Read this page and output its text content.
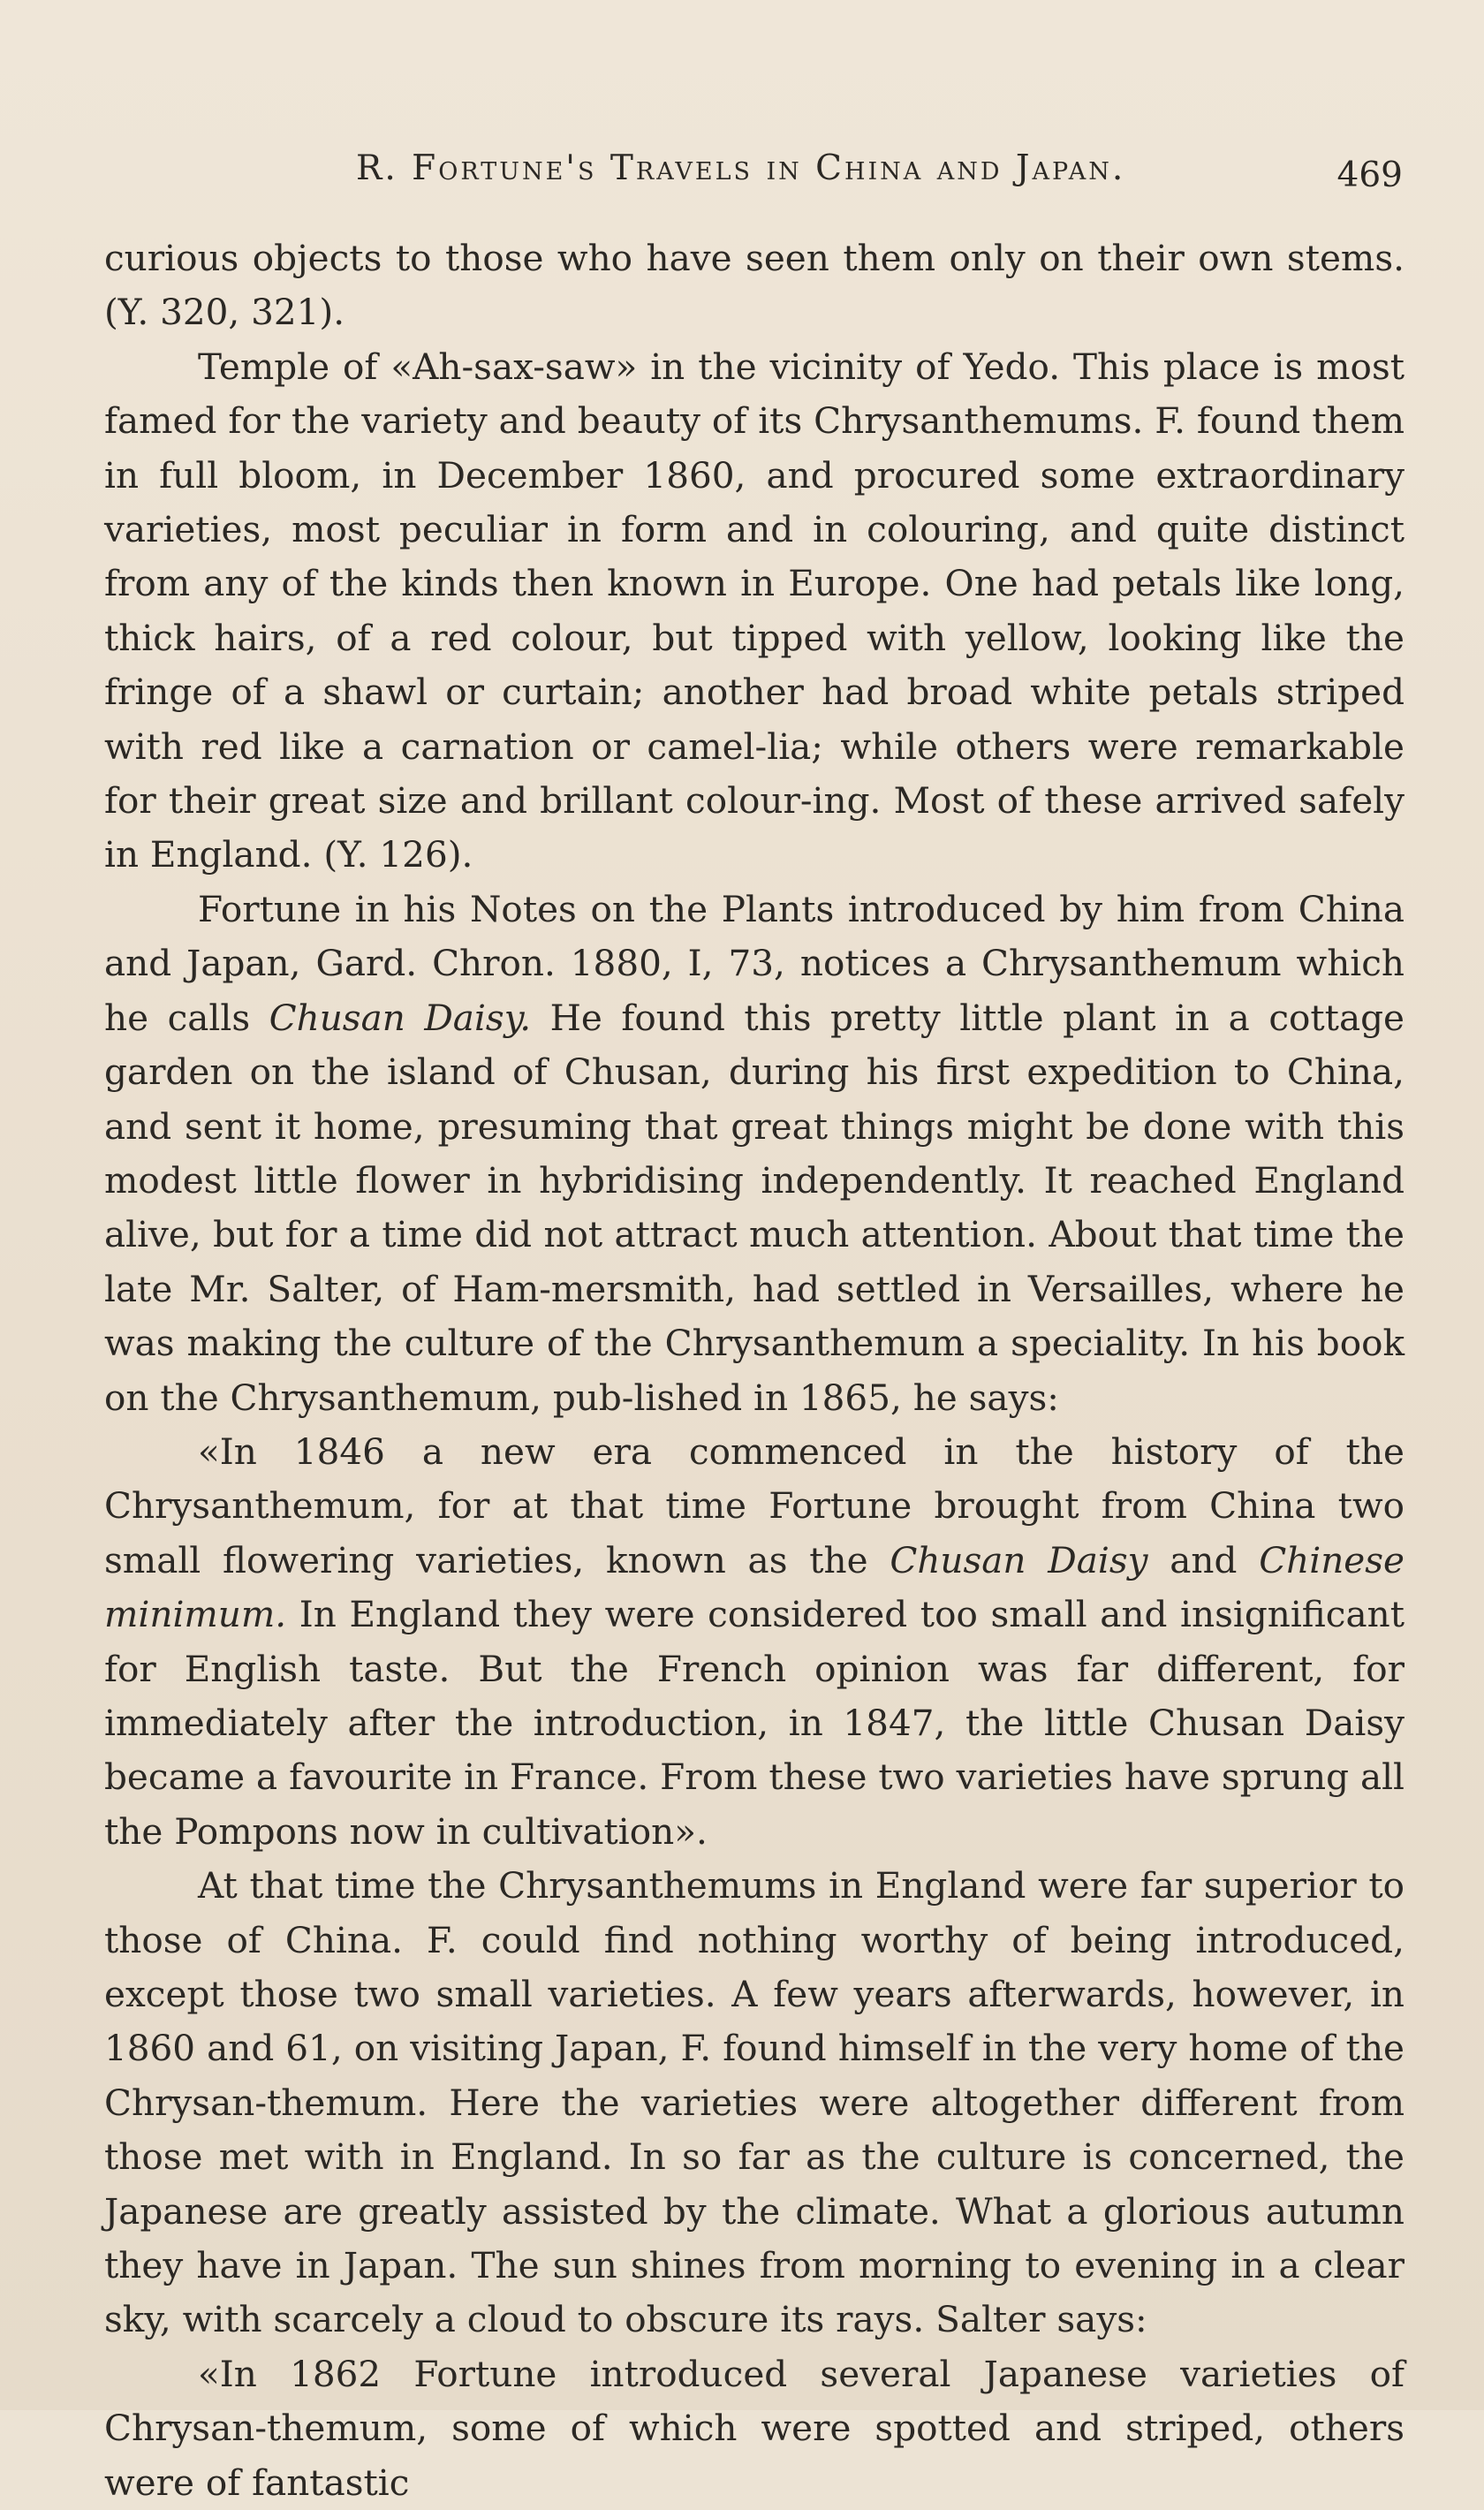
R. Fortune's Travels in China and Japan.	469

curious objects to those who have seen them only on their own stems. (Y. 320, 321).

Temple of «Ah-sax-saw» in the vicinity of Yedo. This place is most famed for the variety and beauty of its Chrysanthemums. F. found them in full bloom, in December 1860, and procured some extraordinary varieties, most peculiar in form and in colouring, and quite distinct from any of the kinds then known in Europe. One had petals like long, thick hairs, of a red colour, but tipped with yellow, looking like the fringe of a shawl or curtain; another had broad white petals striped with red like a carnation or camel-lia; while others were remarkable for their great size and brillant colour-ing. Most of these arrived safely in England. (Y. 126).

Fortune in his Notes on the Plants introduced by him from China and Japan, Gard. Chron. 1880, I, 73, notices a Chrysanthemum which he calls Chusan Daisy. He found this pretty little plant in a cottage garden on the island of Chusan, during his first expedition to China, and sent it home, presuming that great things might be done with this modest little flower in hybridising independently. It reached England alive, but for a time did not attract much attention. About that time the late Mr. Salter, of Ham-mersmith, had settled in Versailles, where he was making the culture of the Chrysanthemum a speciality. In his book on the Chrysanthemum, pub-lished in 1865, he says:

«In 1846 a new era commenced in the history of the Chrysanthemum, for at that time Fortune brought from China two small flowering varieties, known as the Chusan Daisy and Chinese minimum. In England they were considered too small and insignificant for English taste. But the French opinion was far different, for immediately after the introduction, in 1847, the little Chusan Daisy became a favourite in France. From these two varieties have sprung all the Pompons now in cultivation».

At that time the Chrysanthemums in England were far superior to those of China. F. could find nothing worthy of being introduced, except those two small varieties. A few years afterwards, however, in 1860 and 61, on visiting Japan, F. found himself in the very home of the Chrysan-themum. Here the varieties were altogether different from those met with in England. In so far as the culture is concerned, the Japanese are greatly assisted by the climate. What a glorious autumn they have in Japan. The sun shines from morning to evening in a clear sky, with scarcely a cloud to obscure its rays. Salter says:

«In 1862 Fortune introduced several Japanese varieties of Chrysan-themum, some of which were spotted and striped, others were of fantastic
